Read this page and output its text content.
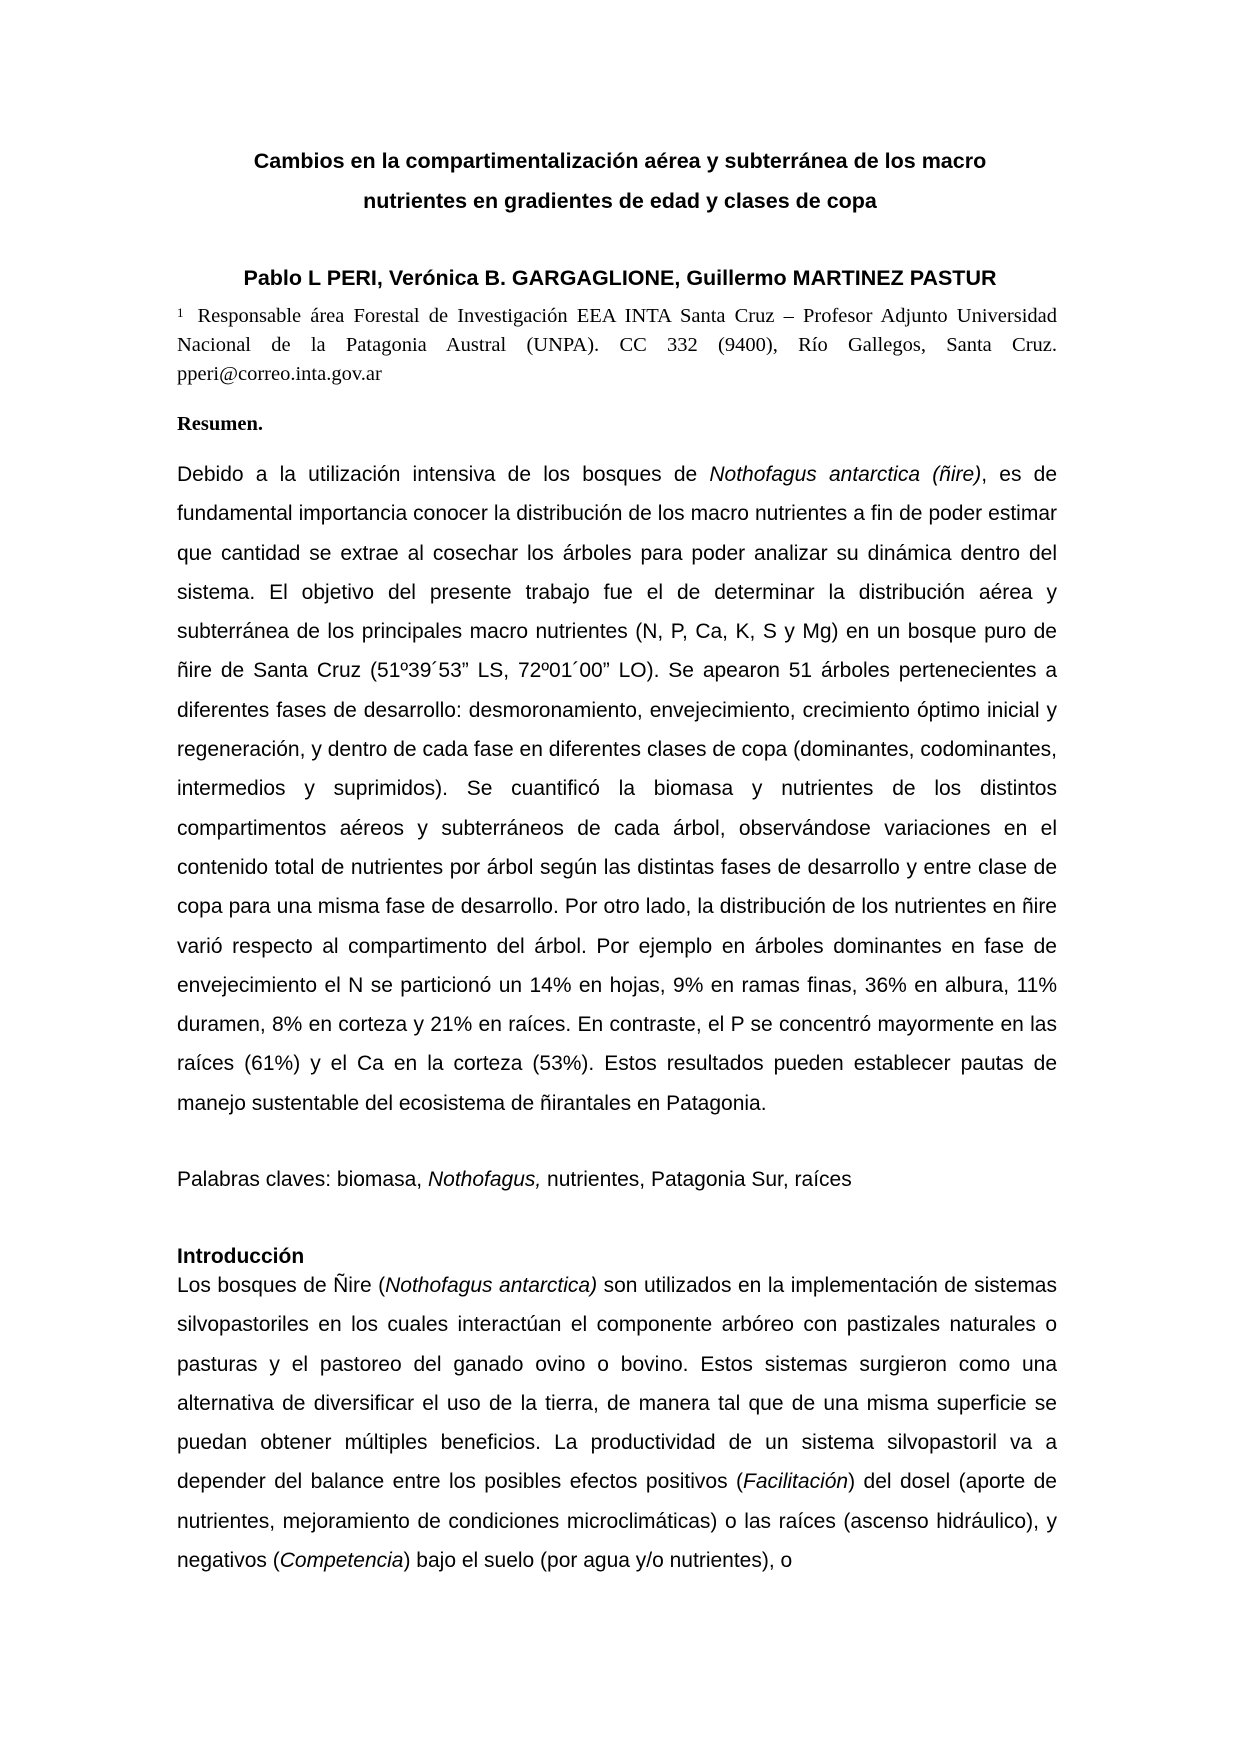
Cambios en la compartimentalización aérea y subterránea de los macro
nutrientes en gradientes de edad y clases de copa

Pablo L PERI, Verónica B. GARGAGLIONE, Guillermo MARTINEZ PASTUR

$^1$ Responsable área Forestal de Investigación EEA INTA Santa Cruz – Profesor Adjunto Universidad Nacional de la Patagonia Austral (UNPA). CC 332 (9400), Río Gallegos, Santa Cruz. pperi@correo.inta.gov.ar

Resumen.

Debido a la utilización intensiva de los bosques de Nothofagus antarctica (ñire), es de fundamental importancia conocer la distribución de los macro nutrientes a fin de poder estimar que cantidad se extrae al cosechar los árboles para poder analizar su dinámica dentro del sistema. El objetivo del presente trabajo fue el de determinar la distribución aérea y subterránea de los principales macro nutrientes (N, P, Ca, K, S y Mg) en un bosque puro de ñire de Santa Cruz (51º39´53” LS, 72º01´00” LO). Se apearon 51 árboles pertenecientes a diferentes fases de desarrollo: desmoronamiento, envejecimiento, crecimiento óptimo inicial y regeneración, y dentro de cada fase en diferentes clases de copa (dominantes, codominantes, intermedios y suprimidos). Se cuantificó la biomasa y nutrientes de los distintos compartimentos aéreos y subterráneos de cada árbol, observándose variaciones en el contenido total de nutrientes por árbol según las distintas fases de desarrollo y entre clase de copa para una misma fase de desarrollo. Por otro lado, la distribución de los nutrientes en ñire varió respecto al compartimento del árbol. Por ejemplo en árboles dominantes en fase de envejecimiento el N se particionó un 14% en hojas, 9% en ramas finas, 36% en albura, 11% duramen, 8% en corteza y 21% en raíces. En contraste, el P se concentró mayormente en las raíces (61%) y el Ca en la corteza (53%). Estos resultados pueden establecer pautas de manejo sustentable del ecosistema de ñirantales en Patagonia.

Palabras claves: biomasa, Nothofagus, nutrientes, Patagonia Sur, raíces

Introducción

Los bosques de Ñire (Nothofagus antarctica) son utilizados en la implementación de sistemas silvopastoriles en los cuales interactúan el componente arbóreo con pastizales naturales o pasturas y el pastoreo del ganado ovino o bovino. Estos sistemas surgieron como una alternativa de diversificar el uso de la tierra, de manera tal que de una misma superficie se puedan obtener múltiples beneficios. La productividad de un sistema silvopastoril va a depender del balance entre los posibles efectos positivos (Facilitación) del dosel (aporte de nutrientes, mejoramiento de condiciones microclimáticas) o las raíces (ascenso hidráulico), y negativos (Competencia) bajo el suelo (por agua y/o nutrientes), o
